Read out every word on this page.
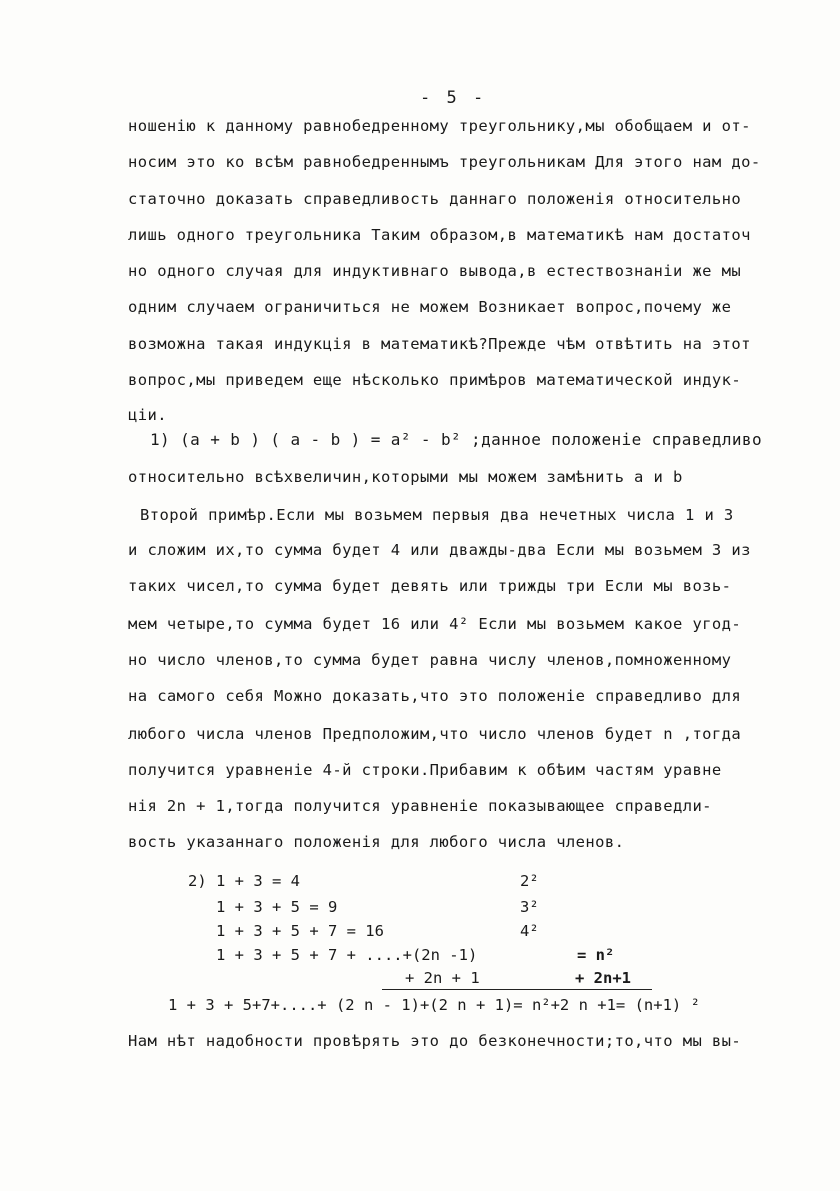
- 5 -
ношенію к данному равнобедренному треугольнику,мы обобщаем и от-
носим это ко всѣм равнобедреннымъ треугольникам Для этого нам до-
статочно доказать справедливость даннаго положенія относительно
лишь одного треугольника Таким образом,в математикѣ нам достаточ
но одного случая для индуктивнаго вывода,в естествознаніи же мы
одним случаем ограничиться не можем Возникает вопрос,почему же
возможна такая индукція в математикѣ?Прежде чѣм отвѣтить на этот
вопрос,мы приведем еще нѣсколько примѣров математической индук-
ціи.
1) (a + b ) ( a - b ) = a² - b² ;данное положеніе справедливо
относительно всѣхвеличин,которыми мы можем замѣнить a и b
Второй примѣр.Если мы возьмем первыя два нечетных числа 1 и 3
и сложим их,то сумма будет 4 или дважды-два Если мы возьмем 3 из
таких чисел,то сумма будет девять или трижды три Если мы возь-
мем четыре,то сумма будет 16 или 4² Если мы возьмем какое угод-
но число членов,то сумма будет равна числу членов,помноженному
на самого себя Можно доказать,что это положеніе справедливо для
любого числа членов Предположим,что число членов будет n ,тогда
получится уравненіе 4-й строки.Прибавим к обѣим частям уравне
нія 2n + 1,тогда получится уравненіе показывающее справедли-
вость указаннаго положенія для любого числа членов.
2) 1 + 3 = 4	2²
1 + 3 + 5 = 9	3²
1 + 3 + 5 + 7 = 16	4²
1 + 3 + 5 + 7 + ....+(2n -1)	= n²
+ 2n + 1	+ 2n+1
1 + 3 + 5+7+....+ (2 n - 1)+(2 n + 1)= n²+2 n +1= (n+1) ²
Нам нѣт надобности провѣрять это до безконечности;то,что мы вы-
